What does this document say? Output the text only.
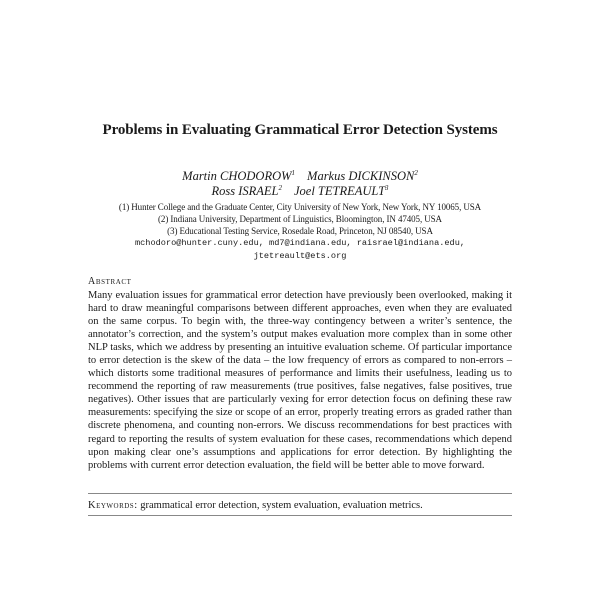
Problems in Evaluating Grammatical Error Detection Systems
Martin CHODOROW$^1$ Markus DICKINSON$^2$
Ross ISRAEL$^2$ Joel TETREAULT$^3$
(1) Hunter College and the Graduate Center, City University of New York, New York, NY 10065, USA
(2) Indiana University, Department of Linguistics, Bloomington, IN 47405, USA
(3) Educational Testing Service, Rosedale Road, Princeton, NJ 08540, USA
mchodoro@hunter.cuny.edu, md7@indiana.edu, raisrael@indiana.edu,
jtetreault@ets.org
Abstract
Many evaluation issues for grammatical error detection have previously been overlooked, making it hard to draw meaningful comparisons between different approaches, even when they are evaluated on the same corpus. To begin with, the three-way contingency between a writer’s sentence, the annotator’s correction, and the system’s output makes evaluation more complex than in some other NLP tasks, which we address by presenting an intuitive evaluation scheme. Of particular importance to error detection is the skew of the data – the low frequency of errors as compared to non-errors – which distorts some traditional measures of performance and limits their usefulness, leading us to recommend the reporting of raw measurements (true positives, false negatives, false positives, true negatives). Other issues that are particularly vexing for error detection focus on defining these raw measurements: specifying the size or scope of an error, properly treating errors as graded rather than discrete phenomena, and counting non-errors. We discuss recommendations for best practices with regard to reporting the results of system evaluation for these cases, recommendations which depend upon making clear one’s assumptions and applications for error detection. By highlighting the problems with current error detection evaluation, the field will be better able to move forward.
Keywords: grammatical error detection, system evaluation, evaluation metrics.
